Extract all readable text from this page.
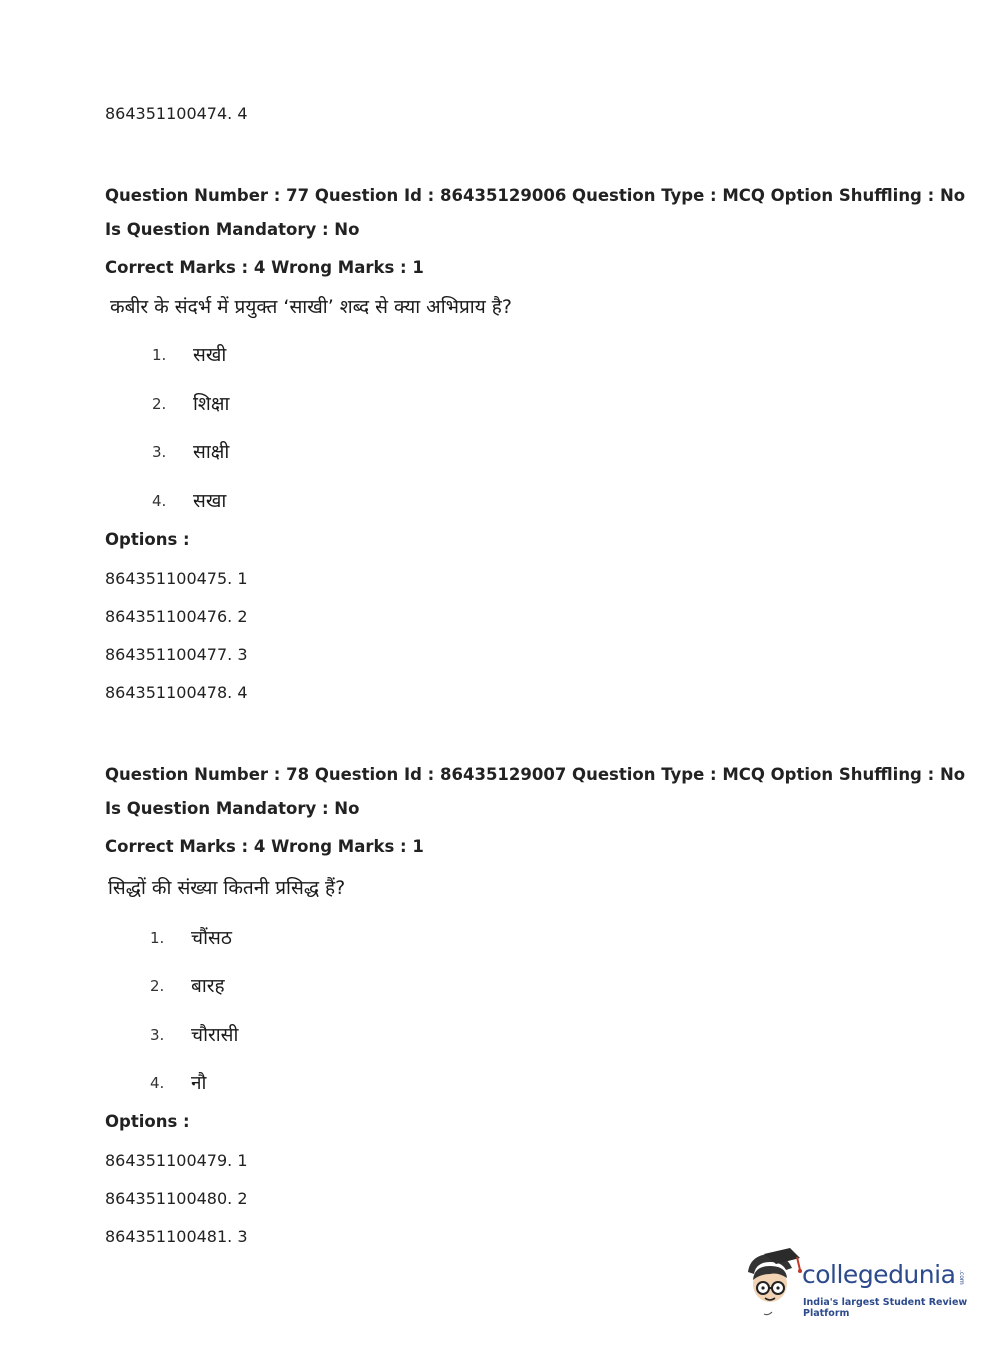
864351100474. 4
Question Number : 77 Question Id : 86435129006 Question Type : MCQ Option Shuffling : No
Is Question Mandatory : No
Correct Marks : 4 Wrong Marks : 1
कबीर के संदर्भ में प्रयुक्त ‘साखी’ शब्द से क्या अभिप्राय है?
1. सखी
2. शिक्षा
3. साक्षी
4. सखा
Options :
864351100475. 1
864351100476. 2
864351100477. 3
864351100478. 4
Question Number : 78 Question Id : 86435129007 Question Type : MCQ Option Shuffling : No
Is Question Mandatory : No
Correct Marks : 4 Wrong Marks : 1
सिद्धों की संख्या कितनी प्रसिद्ध हैं?
1. चौंसठ
2. बारह
3. चौरासी
4. नौ
Options :
864351100479. 1
864351100480. 2
864351100481. 3
collegedunia .com
India's largest Student Review Platform
